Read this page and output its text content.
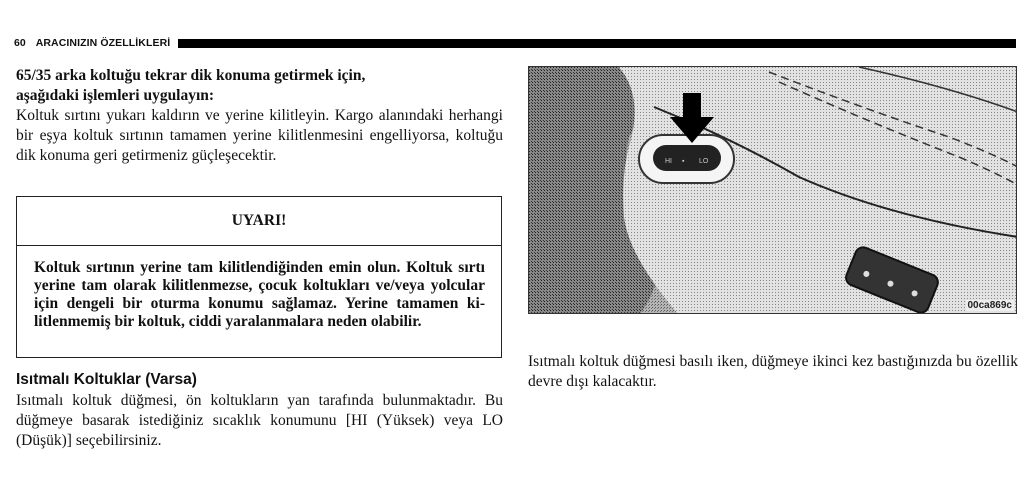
60 ARACINIZIN ÖZELLİKLERİ
65/35 arka koltuğu tekrar dik konuma getirmek için,
aşağıdaki işlemleri uygulayın:
Koltuk sırtını yukarı kaldırın ve yerine kilitleyin. Kargo alanındaki herhangi bir eşya koltuk sırtının tamamen yerine kilitlenmesini engelliyorsa, koltuğu dik konuma geri getirmeniz güçleşecektir.
UYARI!
Koltuk sırtının yerine tam kilitlendiğinden emin olun. Koltuk sırtı yerine tam olarak kilitlenmezse, çocuk koltukları ve/veya yolcular için dengeli bir oturma konumu sağlamaz. Yerine tamamen ki-litlenmemiş bir koltuk, ciddi yaralanmalara neden olabilir.
Isıtmalı Koltuklar (Varsa)
Isıtmalı koltuk düğmesi, ön koltukların yan tarafında bulunmaktadır. Bu düğmeye basarak istediğiniz sıcaklık konumunu [HI (Yüksek) veya LO (Düşük)] seçebilirsiniz.
HI ▪ LO
00ca869c
Isıtmalı koltuk düğmesi basılı iken, düğmeye ikinci kez bastığınızda bu özellik devre dışı kalacaktır.
